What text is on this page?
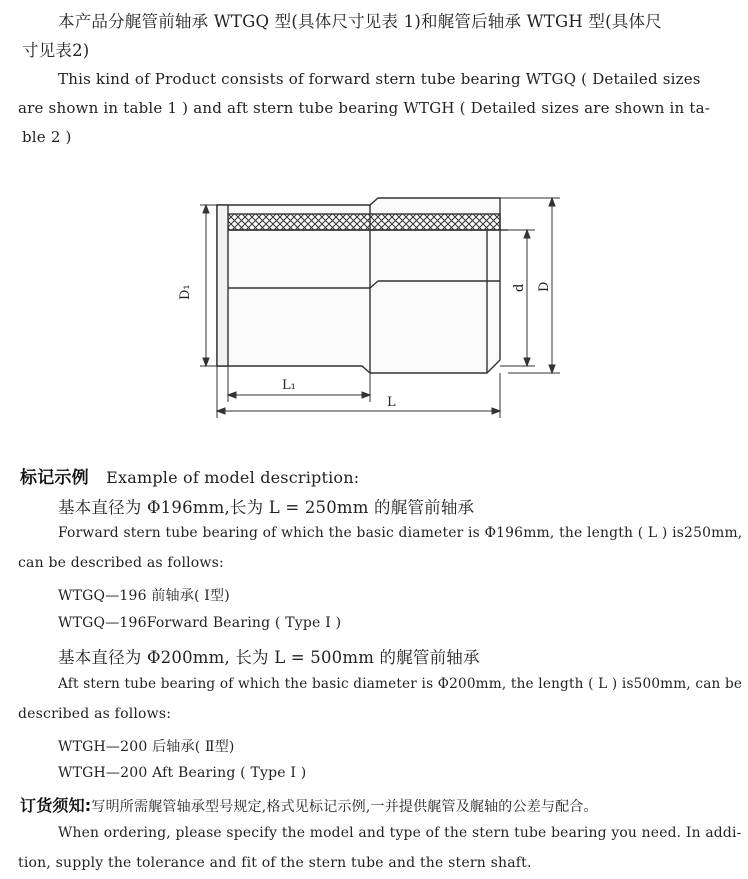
本产品分艉管前轴承 WTGQ 型(具体尺寸见表 1)和艉管后轴承 WTGH 型(具体尺
寸见表2)
This kind of Product consists of forward stern tube bearing WTGQ ( Detailed sizes
are shown in table 1 ) and aft stern tube bearing WTGH ( Detailed sizes are shown in ta-
ble 2 )
D₁	d D
L₁
L
标记示例 Example of model description:
基本直径为 Φ196mm,长为 L = 250mm 的艉管前轴承
Forward stern tube bearing of which the basic diameter is Φ196mm, the length ( L ) is250mm,
can be described as follows:
WTGQ—196 前轴承( Ⅰ型)
WTGQ—196Forward Bearing ( Type Ⅰ )
基本直径为 Φ200mm, 长为 L = 500mm 的艉管前轴承
Aft stern tube bearing of which the basic diameter is Φ200mm, the length ( L ) is500mm, can be
described as follows:
WTGH—200 后轴承( Ⅱ型)
WTGH—200 Aft Bearing ( Type Ⅰ )
订货须知:写明所需艉管轴承型号规定,格式见标记示例,一并提供艉管及艉轴的公差与配合。
When ordering, please specify the model and type of the stern tube bearing you need. In addi-
tion, supply the tolerance and fit of the stern tube and the stern shaft.
